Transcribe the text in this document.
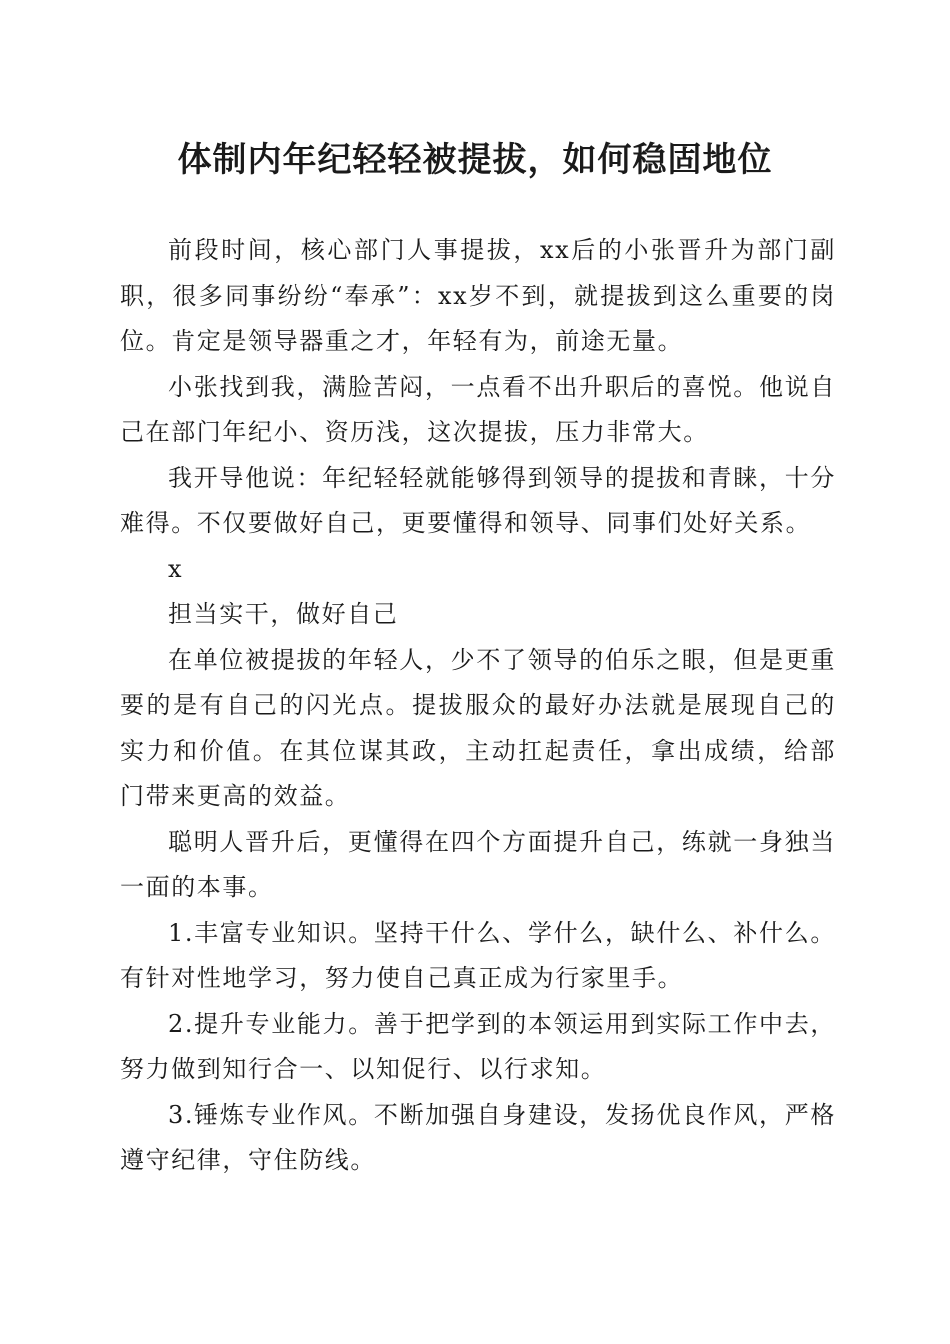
体制内年纪轻轻被提拔，如何稳固地位

前段时间，核心部门人事提拔，xx后的小张晋升为部门副职，很多同事纷纷“奉承”：xx岁不到，就提拔到这么重要的岗位。肯定是领导器重之才，年轻有为，前途无量。

小张找到我，满脸苦闷，一点看不出升职后的喜悦。他说自己在部门年纪小、资历浅，这次提拔，压力非常大。

我开导他说：年纪轻轻就能够得到领导的提拔和青睐，十分难得。不仅要做好自己，更要懂得和领导、同事们处好关系。

x

担当实干，做好自己

在单位被提拔的年轻人，少不了领导的伯乐之眼，但是更重要的是有自己的闪光点。提拔服众的最好办法就是展现自己的实力和价值。在其位谋其政，主动扛起责任，拿出成绩，给部门带来更高的效益。

聪明人晋升后，更懂得在四个方面提升自己，练就一身独当一面的本事。

1.丰富专业知识。坚持干什么、学什么，缺什么、补什么。有针对性地学习，努力使自己真正成为行家里手。

2.提升专业能力。善于把学到的本领运用到实际工作中去，努力做到知行合一、以知促行、以行求知。

3.锤炼专业作风。不断加强自身建设，发扬优良作风，严格遵守纪律，守住防线。
